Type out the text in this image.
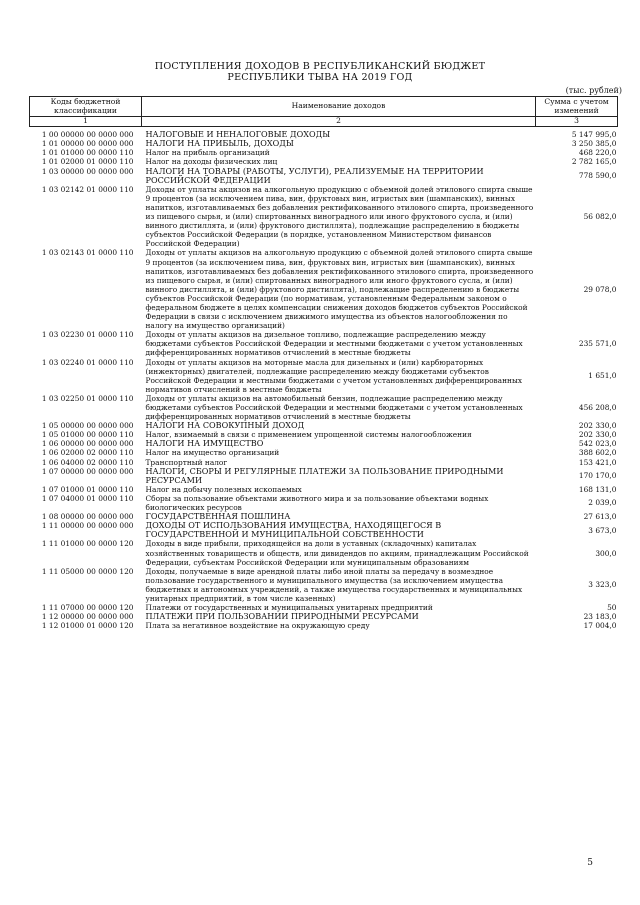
ПОСТУПЛЕНИЯ ДОХОДОВ В РЕСПУБЛИКАНСКИЙ БЮДЖЕТ
РЕСПУБЛИКИ ТЫВА НА 2019 ГОД
(тыс. рублей)
Коды бюджетной классификации	Наименование доходов	Сумма с учетом изменений
1	2	3
1 00 00000 00 0000 000	НАЛОГОВЫЕ И НЕНАЛОГОВЫЕ ДОХОДЫ	5 147 995,0
1 01 00000 00 0000 000	НАЛОГИ НА ПРИБЫЛЬ, ДОХОДЫ	3 250 385,0
1 01 01000 00 0000 110	Налог на прибыль организаций	468 220,0
1 01 02000 01 0000 110	Налог на доходы физических лиц	2 782 165,0
1 03 00000 00 0000 000	НАЛОГИ НА ТОВАРЫ (РАБОТЫ, УСЛУГИ), РЕАЛИЗУЕМЫЕ НА ТЕРРИТОРИИ РОССИЙСКОЙ ФЕДЕРАЦИИ	778 590,0
1 03 02142 01 0000 110	Доходы от уплаты акцизов на алкогольную продукцию с объемной долей этилового спирта свыше 9 процентов (за исключением пива, вин, фруктовых вин, игристых вин (шампанских), винных напитков, изготавливаемых без добавления ректификованного этилового спирта, произведенного из пищевого сырья, и (или) спиртованных виноградного или иного фруктового сусла, и (или) винного дистиллята, и (или) фруктового дистиллята), подлежащие распределению в бюджеты субъектов Российской Федерации (в порядке, установленном Министерством финансов Российской Федерации)	56 082,0
1 03 02143 01 0000 110	Доходы от уплаты акцизов на алкогольную продукцию с объемной долей этилового спирта свыше 9 процентов (за исключением пива, вин, фруктовых вин, игристых вин (шампанских), винных напитков, изготавливаемых без добавления ректификованного этилового спирта, произведенного из пищевого сырья, и (или) спиртованных виноградного или иного фруктового сусла, и (или) винного дистиллята, и (или) фруктового дистиллята), подлежащие распределению в бюджеты субъектов Российской Федерации (по нормативам, установленным Федеральным законом о федеральном бюджете в целях компенсации снижения доходов бюджетов субъектов Российской Федерации в связи с исключением движимого имущества из объектов налогообложения по налогу на имущество организаций)	29 078,0
1 03 02230 01 0000 110	Доходы от уплаты акцизов на дизельное топливо, подлежащие распределению между бюджетами субъектов Российской Федерации и местными бюджетами с учетом установленных дифференцированных нормативов отчислений в местные бюджеты	235 571,0
1 03 02240 01 0000 110	Доходы от уплаты акцизов на моторные масла для дизельных и (или) карбюраторных (инжекторных) двигателей, подлежащие распределению между бюджетами субъектов Российской Федерации и местными бюджетами с учетом установленных дифференцированных нормативов отчислений в местные бюджеты	1 651,0
1 03 02250 01 0000 110	Доходы от уплаты акцизов на автомобильный бензин, подлежащие распределению между бюджетами субъектов Российской Федерации и местными бюджетами с учетом установленных дифференцированных нормативов отчислений в местные бюджеты	456 208,0
1 05 00000 00 0000 000	НАЛОГИ НА СОВОКУПНЫЙ ДОХОД	202 330,0
1 05 01000 00 0000 110	Налог, взимаемый в связи с применением упрощенной системы налогообложения	202 330,0
1 06 00000 00 0000 000	НАЛОГИ НА ИМУЩЕСТВО	542 023,0
1 06 02000 02 0000 110	Налог на имущество организаций	388 602,0
1 06 04000 02 0000 110	Транспортный налог	153 421,0
1 07 00000 00 0000 000	НАЛОГИ, СБОРЫ И РЕГУЛЯРНЫЕ ПЛАТЕЖИ ЗА ПОЛЬЗОВАНИЕ ПРИРОДНЫМИ РЕСУРСАМИ	170 170,0
1 07 01000 01 0000 110	Налог на добычу полезных ископаемых	168 131,0
1 07 04000 01 0000 110	Сборы за пользование объектами животного мира и за пользование объектами водных биологических ресурсов	2 039,0
1 08 00000 00 0000 000	ГОСУДАРСТВЕННАЯ ПОШЛИНА	27 613,0
1 11 00000 00 0000 000	ДОХОДЫ ОТ ИСПОЛЬЗОВАНИЯ ИМУЩЕСТВА, НАХОДЯЩЕГОСЯ В ГОСУДАРСТВЕННОЙ И МУНИЦИПАЛЬНОЙ СОБСТВЕННОСТИ	3 673,0
1 11 01000 00 0000 120	Доходы в виде прибыли, приходящейся на доли в уставных (складочных) капиталах хозяйственных товариществ и обществ, или дивидендов по акциям, принадлежащим Российской Федерации, субъектам Российской Федерации или муниципальным образованиям	300,0
1 11 05000 00 0000 120	Доходы, получаемые в виде арендной платы либо иной платы за передачу в возмездное пользование государственного и муниципального имущества (за исключением имущества бюджетных и автономных учреждений, а также имущества государственных и муниципальных унитарных предприятий, в том числе казенных)	3 323,0
1 11 07000 00 0000 120	Платежи от государственных и муниципальных унитарных предприятий	50
1 12 00000 00 0000 000	ПЛАТЕЖИ ПРИ ПОЛЬЗОВАНИИ ПРИРОДНЫМИ РЕСУРСАМИ	23 183,0
1 12 01000 01 0000 120	Плата за негативное воздействие на окружающую среду	17 004,0
5
